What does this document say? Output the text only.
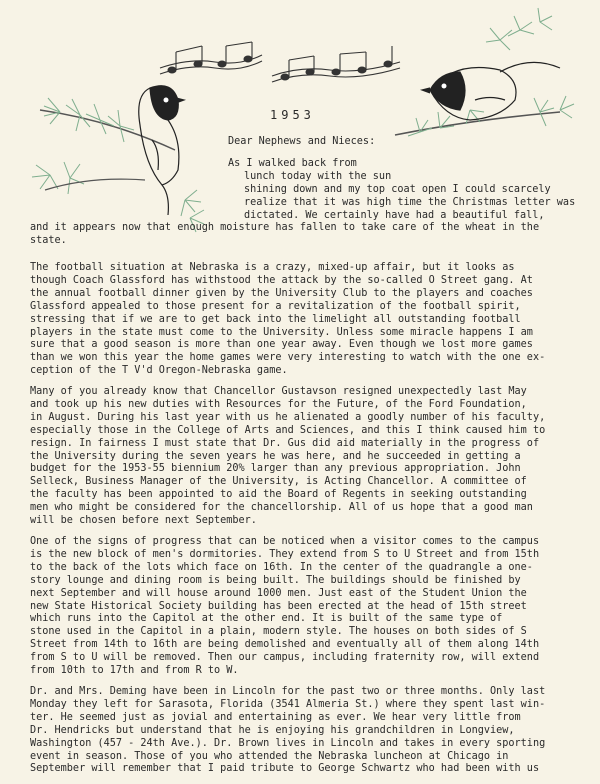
1953
Dear Nephews and Nieces:
As I walked back from
lunch today with the sun
shining down and my top coat open I could scarcely
realize that it was high time the Christmas letter was
dictated. We certainly have had a beautiful fall,
and it appears now that enough moisture has fallen to take care of the wheat in the
state.
The football situation at Nebraska is a crazy, mixed-up affair, but it looks as
though Coach Glassford has withstood the attack by the so-called O Street gang. At
the annual football dinner given by the University Club to the players and coaches
Glassford appealed to those present for a revitalization of the football spirit,
stressing that if we are to get back into the limelight all outstanding football
players in the state must come to the University. Unless some miracle happens I am
sure that a good season is more than one year away. Even though we lost more games
than we won this year the home games were very interesting to watch with the one ex-
ception of the T V'd Oregon-Nebraska game.
Many of you already know that Chancellor Gustavson resigned unexpectedly last May
and took up his new duties with Resources for the Future, of the Ford Foundation,
in August. During his last year with us he alienated a goodly number of his faculty,
especially those in the College of Arts and Sciences, and this I think caused him to
resign. In fairness I must state that Dr. Gus did aid materially in the progress of
the University during the seven years he was here, and he succeeded in getting a
budget for the 1953-55 biennium 20% larger than any previous appropriation. John
Selleck, Business Manager of the University, is Acting Chancellor. A committee of
the faculty has been appointed to aid the Board of Regents in seeking outstanding
men who might be considered for the chancellorship. All of us hope that a good man
will be chosen before next September.
One of the signs of progress that can be noticed when a visitor comes to the campus
is the new block of men's dormitories. They extend from S to U Street and from 15th
to the back of the lots which face on 16th. In the center of the quadrangle a one-
story lounge and dining room is being built. The buildings should be finished by
next September and will house around 1000 men. Just east of the Student Union the
new State Historical Society building has been erected at the head of 15th street
which runs into the Capitol at the other end. It is built of the same type of
stone used in the Capitol in a plain, modern style. The houses on both sides of S
Street from 14th to 16th are being demolished and eventually all of them along 14th
from S to U will be removed. Then our campus, including fraternity row, will extend
from 10th to 17th and from R to W.
Dr. and Mrs. Deming have been in Lincoln for the past two or three months. Only last
Monday they left for Sarasota, Florida (3541 Almeria St.) where they spent last win-
ter. He seemed just as jovial and entertaining as ever. We hear very little from
Dr. Hendricks but understand that he is enjoying his grandchildren in Longview,
Washington (457 - 24th Ave.). Dr. Brown lives in Lincoln and takes in every sporting
event in season. Those of you who attended the Nebraska luncheon at Chicago in
September will remember that I paid tribute to George Schwartz who had been with us
